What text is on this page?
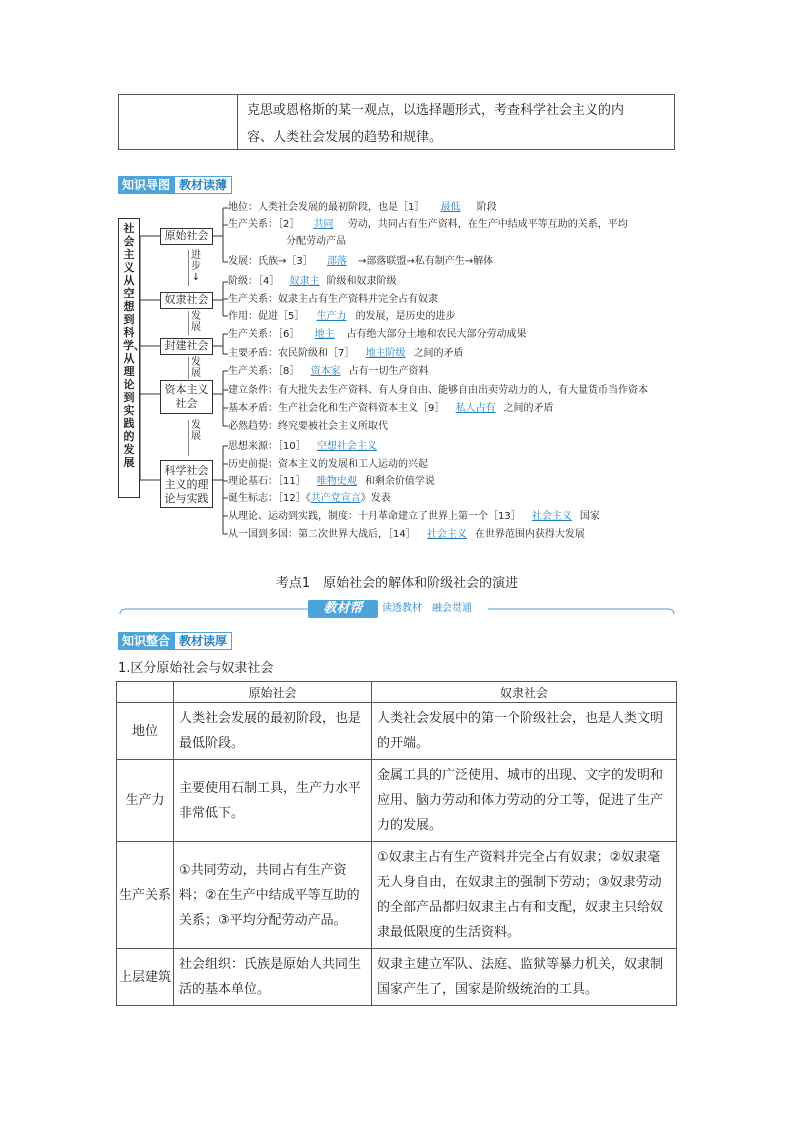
克思或恩格斯的某一观点，以选择题形式，考查科学社会主义的内
容、人类社会发展的趋势和规律。
知识导图 教材读薄
社会主义从空想到科学、从理论到实践的发展
原始社会
奴隶社会
封建社会
资本主义社会
科学社会主义的理论与实践
进步↓
发展
发展
发展
地位：人类社会发展的最初阶段，也是［1］ 最低 阶段
生产关系：［2］ 共同 劳动，共同占有生产资料，在生产中结成平等互助的关系，平均
分配劳动产品
发展：氏族→［3］ 部落 →部落联盟→私有制产生→解体
阶级：［4］ 奴隶主 阶级和奴隶阶级
生产关系：奴隶主占有生产资料并完全占有奴隶
作用：促进［5］ 生产力 的发展，是历史的进步
生产关系：［6］ 地主 占有绝大部分土地和农民大部分劳动成果
主要矛盾：农民阶级和［7］ 地主阶级 之间的矛盾
生产关系：［8］ 资本家 占有一切生产资料
建立条件：有大批失去生产资料、有人身自由、能够自由出卖劳动力的人，有大量货币当作资本
基本矛盾：生产社会化和生产资料资本主义［9］ 私人占有 之间的矛盾
必然趋势：终究要被社会主义所取代
思想来源：［10］ 空想社会主义
历史前提：资本主义的发展和工人运动的兴起
理论基石：［11］ 唯物史观 和剩余价值学说
诞生标志：［12］《共产党宣言》发表
从理论、运动到实践，制度：十月革命建立了世界上第一个［13］ 社会主义 国家
从一国到多国：第二次世界大战后，［14］ 社会主义 在世界范围内获得大发展
考点1　原始社会的解体和阶级社会的演进
教材帮	读透教材　融会贯通
知识整合 教材读厚
1.区分原始社会与奴隶社会
	原始社会	奴隶社会
地位	人类社会发展的最初阶段，也是最低阶段。	人类社会发展中的第一个阶级社会，也是人类文明的开端。
生产力	主要使用石制工具，生产力水平非常低下。	金属工具的广泛使用、城市的出现、文字的发明和应用、脑力劳动和体力劳动的分工等，促进了生产力的发展。
生产关系	①共同劳动，共同占有生产资料；②在生产中结成平等互助的关系；③平均分配劳动产品。	①奴隶主占有生产资料并完全占有奴隶；②奴隶毫无人身自由，在奴隶主的强制下劳动；③奴隶劳动的全部产品都归奴隶主占有和支配，奴隶主只给奴隶最低限度的生活资料。
上层建筑	社会组织：氏族是原始人共同生活的基本单位。	奴隶主建立军队、法庭、监狱等暴力机关，奴隶制国家产生了，国家是阶级统治的工具。
